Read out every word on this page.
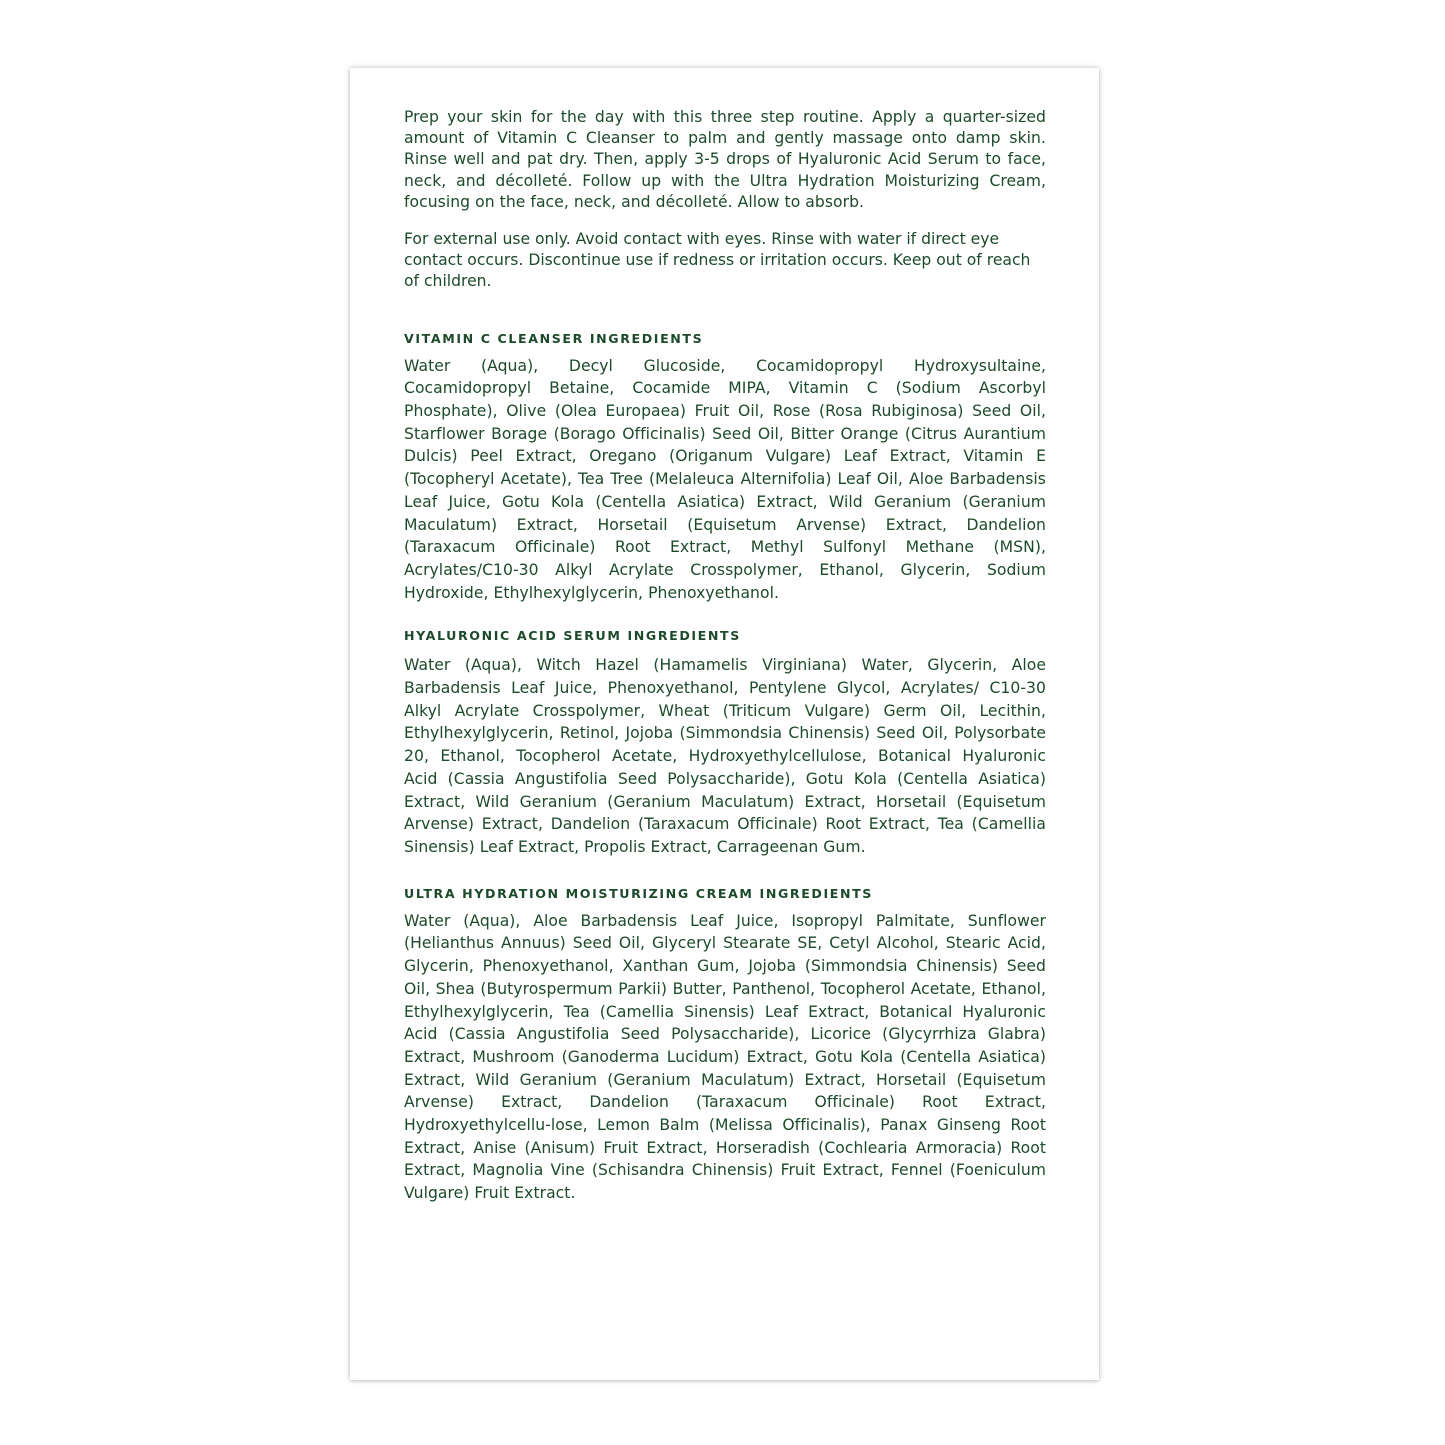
Prep your skin for the day with this three step routine. Apply a quarter-sized amount of Vitamin C Cleanser to palm and gently massage onto damp skin. Rinse well and pat dry. Then, apply 3-5 drops of Hyaluronic Acid Serum to face, neck, and décolleté. Follow up with the Ultra Hydration Moisturizing Cream, focusing on the face, neck, and décolleté. Allow to absorb.

For external use only. Avoid contact with eyes. Rinse with water if direct eye contact occurs. Discontinue use if redness or irritation occurs. Keep out of reach of children.

VITAMIN C CLEANSER INGREDIENTS

Water (Aqua), Decyl Glucoside, Cocamidopropyl Hydroxysultaine, Cocamidopropyl Betaine, Cocamide MIPA, Vitamin C (Sodium Ascorbyl Phosphate), Olive (Olea Europaea) Fruit Oil, Rose (Rosa Rubiginosa) Seed Oil, Starflower Borage (Borago Officinalis) Seed Oil, Bitter Orange (Citrus Aurantium Dulcis) Peel Extract, Oregano (Origanum Vulgare) Leaf Extract, Vitamin E (Tocopheryl Acetate), Tea Tree (Melaleuca Alternifolia) Leaf Oil, Aloe Barbadensis Leaf Juice, Gotu Kola (Centella Asiatica) Extract, Wild Geranium (Geranium Maculatum) Extract, Horsetail (Equisetum Arvense) Extract, Dandelion (Taraxacum Officinale) Root Extract, Methyl Sulfonyl Methane (MSN), Acrylates/C10-30 Alkyl Acrylate Crosspolymer, Ethanol, Glycerin, Sodium Hydroxide, Ethylhexylglycerin, Phenoxyethanol.

HYALURONIC ACID SERUM INGREDIENTS

Water (Aqua), Witch Hazel (Hamamelis Virginiana) Water, Glycerin, Aloe Barbadensis Leaf Juice, Phenoxyethanol, Pentylene Glycol, Acrylates/ C10-30 Alkyl Acrylate Crosspolymer, Wheat (Triticum Vulgare) Germ Oil, Lecithin, Ethylhexylglycerin, Retinol, Jojoba (Simmondsia Chinensis) Seed Oil, Polysorbate 20, Ethanol, Tocopherol Acetate, Hydroxyethylcellulose, Botanical Hyaluronic Acid (Cassia Angustifolia Seed Polysaccharide), Gotu Kola (Centella Asiatica) Extract, Wild Geranium (Geranium Maculatum) Extract, Horsetail (Equisetum Arvense) Extract, Dandelion (Taraxacum Officinale) Root Extract, Tea (Camellia Sinensis) Leaf Extract, Propolis Extract, Carrageenan Gum.

ULTRA HYDRATION MOISTURIZING CREAM INGREDIENTS

Water (Aqua), Aloe Barbadensis Leaf Juice, Isopropyl Palmitate, Sunflower (Helianthus Annuus) Seed Oil, Glyceryl Stearate SE, Cetyl Alcohol, Stearic Acid, Glycerin, Phenoxyethanol, Xanthan Gum, Jojoba (Simmondsia Chinensis) Seed Oil, Shea (Butyrospermum Parkii) Butter, Panthenol, Tocopherol Acetate, Ethanol, Ethylhexylglycerin, Tea (Camellia Sinensis) Leaf Extract, Botanical Hyaluronic Acid (Cassia Angustifolia Seed Polysaccharide), Licorice (Glycyrrhiza Glabra) Extract, Mushroom (Ganoderma Lucidum) Extract, Gotu Kola (Centella Asiatica) Extract, Wild Geranium (Geranium Maculatum) Extract, Horsetail (Equisetum Arvense) Extract, Dandelion (Taraxacum Officinale) Root Extract, Hydroxyethylcellu-lose, Lemon Balm (Melissa Officinalis), Panax Ginseng Root Extract, Anise (Anisum) Fruit Extract, Horseradish (Cochlearia Armoracia) Root Extract, Magnolia Vine (Schisandra Chinensis) Fruit Extract, Fennel (Foeniculum Vulgare) Fruit Extract.
